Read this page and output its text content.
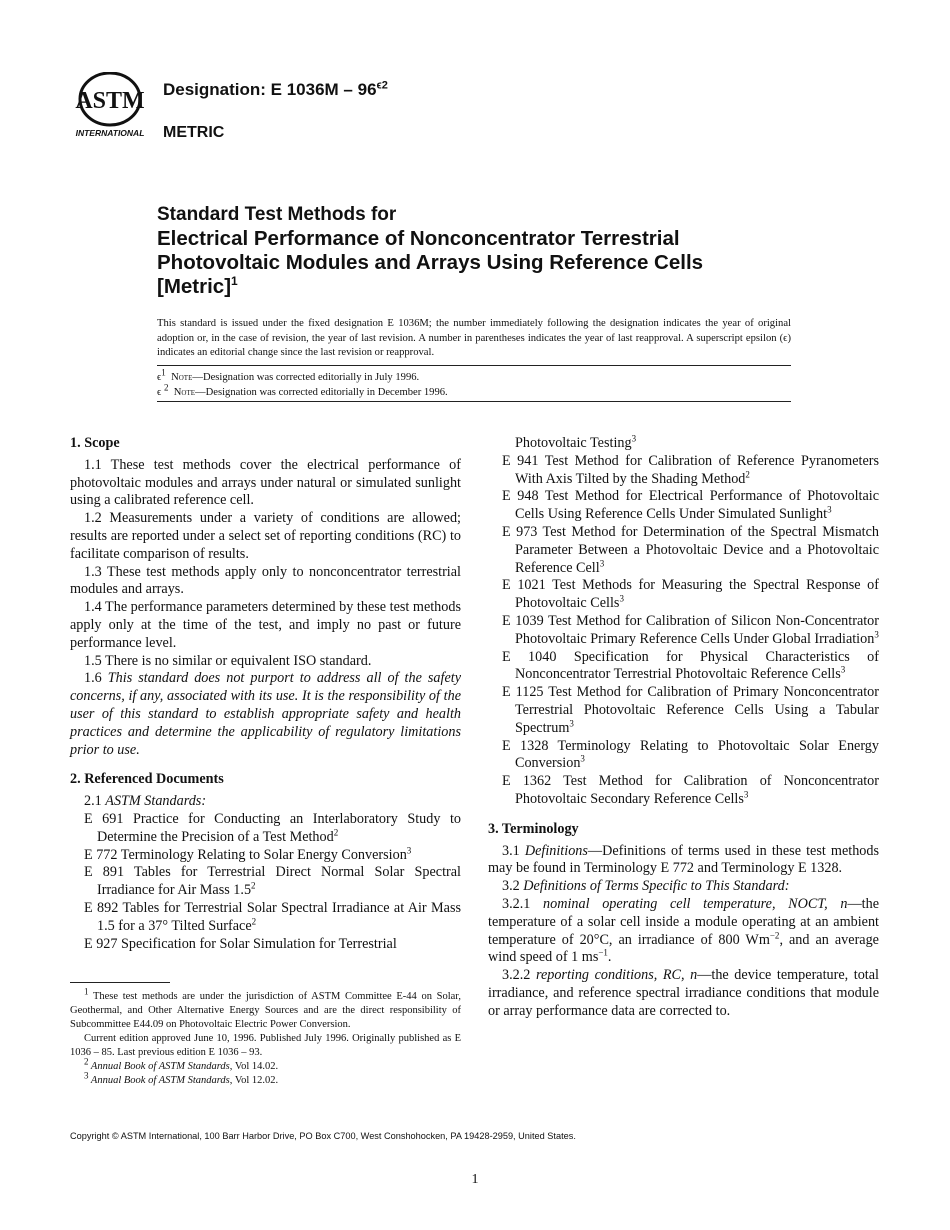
ASTM
INTERNATIONAL
Designation: E $1036M - 96^{\epsilon 2}$
METRIC
Standard Test Methods for
Electrical Performance of Nonconcentrator Terrestrial
Photovoltaic Modules and Arrays Using Reference Cells
[Metric]$^1$
This standard is issued under the fixed designation E 1036M; the number immediately following the designation indicates the year of original adoption or, in the case of revision, the year of last revision. A number in parentheses indicates the year of last reapproval. A superscript epsilon (ϵ) indicates an editorial change since the last revision or reapproval.
$\epsilon^1$ Note—Designation was corrected editorially in July 1996.
ϵ $^2$ Note—Designation was corrected editorially in December 1996.

1. Scope

1.1 These test methods cover the electrical performance of photovoltaic modules and arrays under natural or simulated sunlight using a calibrated reference cell.

1.2 Measurements under a variety of conditions are allowed; results are reported under a select set of reporting conditions (RC) to facilitate comparison of results.

1.3 These test methods apply only to nonconcentrator terrestrial modules and arrays.

1.4 The performance parameters determined by these test methods apply only at the time of the test, and imply no past or future performance level.

1.5 There is no similar or equivalent ISO standard.

1.6 This standard does not purport to address all of the safety concerns, if any, associated with its use. It is the responsibility of the user of this standard to establish appropriate safety and health practices and determine the applicability of regulatory limitations prior to use.

2. Referenced Documents

2.1 ASTM Standards:

E 691 Practice for Conducting an Interlaboratory Study to Determine the Precision of a Test Method$^2$

E 772 Terminology Relating to Solar Energy Conversion$^3$

E 891 Tables for Terrestrial Direct Normal Solar Spectral Irradiance for Air Mass $1.5^2$

E 892 Tables for Terrestrial Solar Spectral Irradiance at Air Mass 1.5 for a 37° Tilted Surface$^2$

E 927 Specification for Solar Simulation for Terrestrial

Photovoltaic Testing$^3$

E 941 Test Method for Calibration of Reference Pyranometers With Axis Tilted by the Shading Method$^2$

E 948 Test Method for Electrical Performance of Photovoltaic Cells Using Reference Cells Under Simulated Sunlight$^3$

E 973 Test Method for Determination of the Spectral Mismatch Parameter Between a Photovoltaic Device and a Photovoltaic Reference Cell$^3$

E 1021 Test Methods for Measuring the Spectral Response of Photovoltaic Cells$^3$

E 1039 Test Method for Calibration of Silicon Non-Concentrator Photovoltaic Primary Reference Cells Under Global Irradiation$^3$

E 1040 Specification for Physical Characteristics of Nonconcentrator Terrestrial Photovoltaic Reference Cells$^3$

E 1125 Test Method for Calibration of Primary Nonconcentrator Terrestrial Photovoltaic Reference Cells Using a Tabular Spectrum$^3$

E 1328 Terminology Relating to Photovoltaic Solar Energy Conversion$^3$

E 1362 Test Method for Calibration of Nonconcentrator Photovoltaic Secondary Reference Cells$^3$

3. Terminology

3.1 Definitions—Definitions of terms used in these test methods may be found in Terminology E 772 and Terminology E 1328.

3.2 Definitions of Terms Specific to This Standard:

3.2.1 nominal operating cell temperature, NOCT, n—the temperature of a solar cell inside a module operating at an ambient temperature of 20°C, an irradiance of 800 $Wm^{-2}$, and an average wind speed of 1 $ms^{-1}$.

3.2.2 reporting conditions, RC, n—the device temperature, total irradiance, and reference spectral irradiance conditions that module or array performance data are corrected to.

$^1$ These test methods are under the jurisdiction of ASTM Committee E-44 on Solar, Geothermal, and Other Alternative Energy Sources and are the direct responsibility of Subcommittee E44.09 on Photovoltaic Electric Power Conversion.

Current edition approved June 10, 1996. Published July 1996. Originally published as E 1036 – 85. Last previous edition E 1036 – 93.

$^2$ Annual Book of ASTM Standards, Vol 14.02.

$^3$ Annual Book of ASTM Standards, Vol 12.02.

Copyright © ASTM International, 100 Barr Harbor Drive, PO Box C700, West Conshohocken, PA 19428-2959, United States.
1
